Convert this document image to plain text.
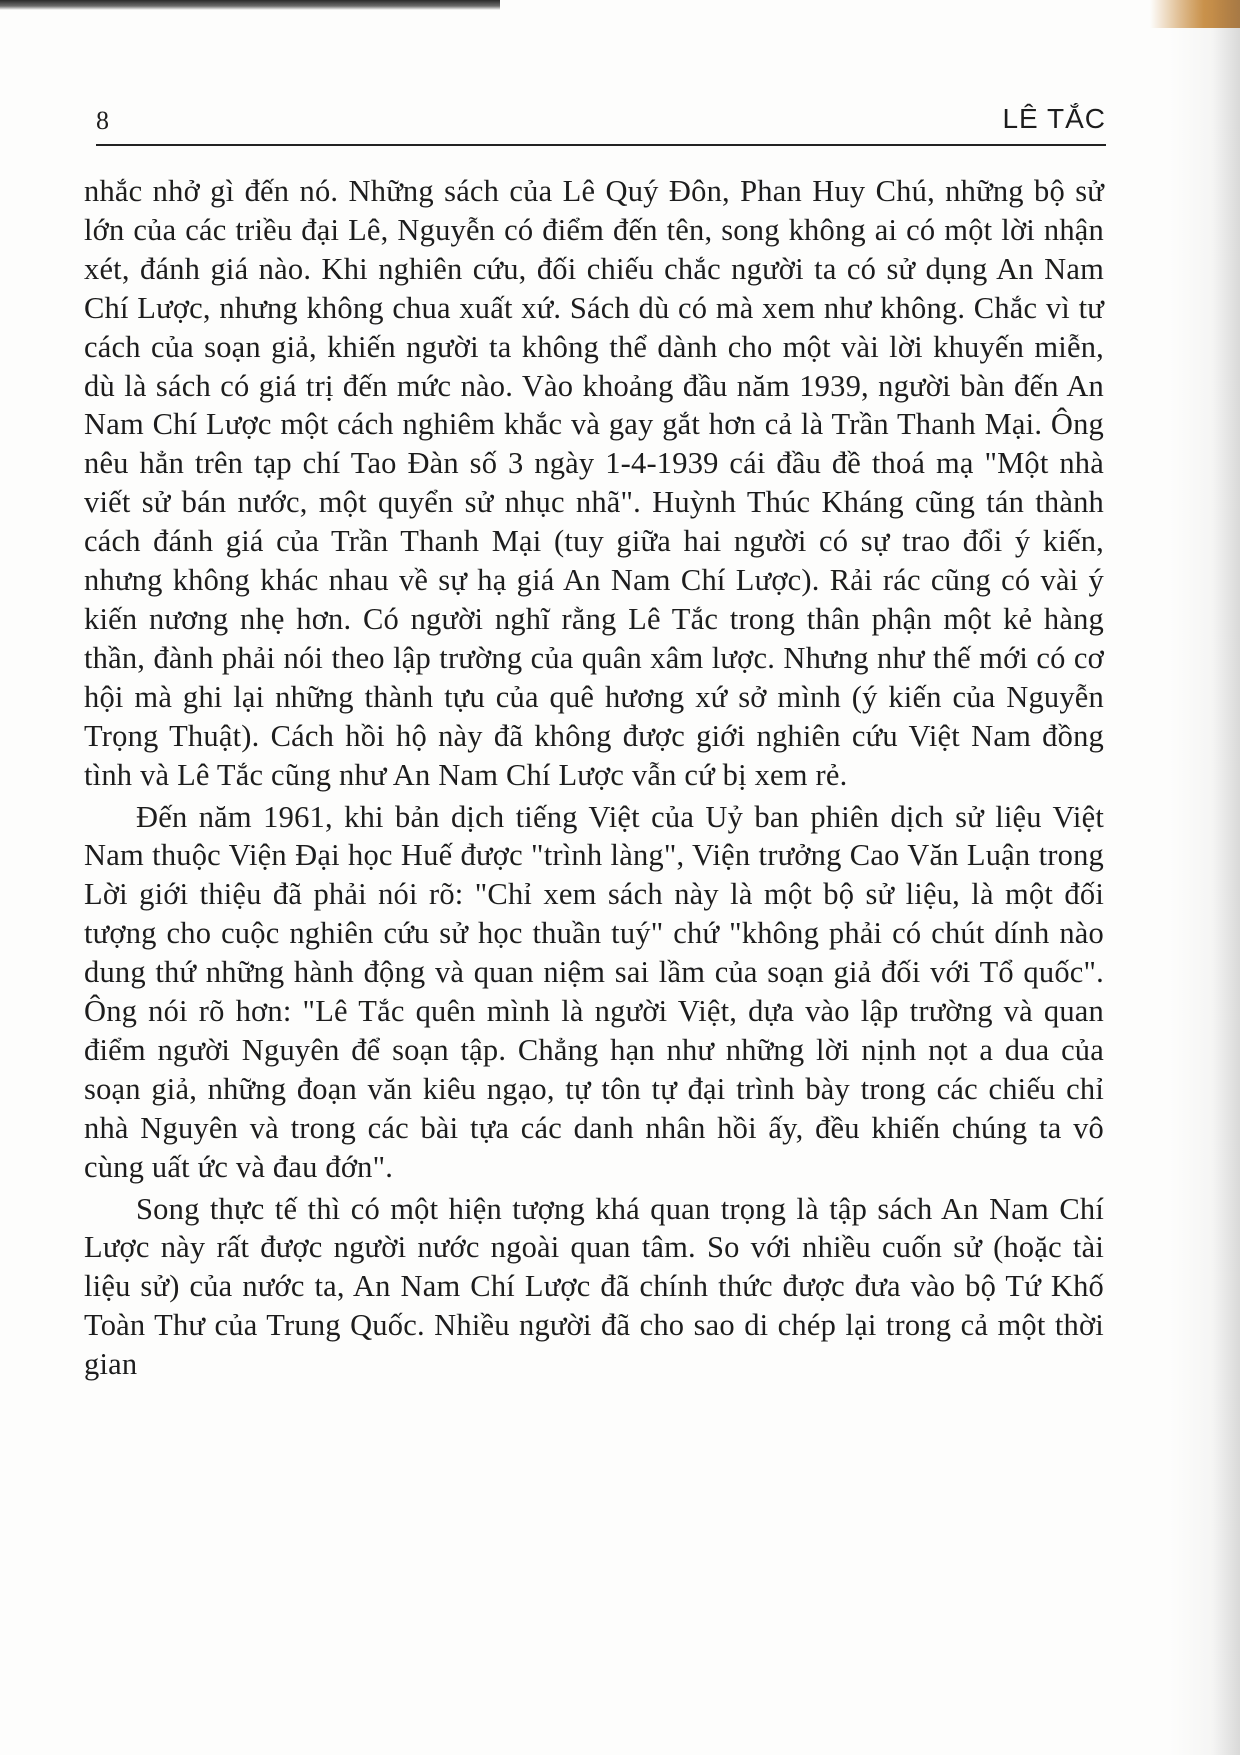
8	LÊ TẮC

nhắc nhở gì đến nó. Những sách của Lê Quý Đôn, Phan Huy Chú, những bộ sử lớn của các triều đại Lê, Nguyễn có điểm đến tên, song không ai có một lời nhận xét, đánh giá nào. Khi nghiên cứu, đối chiếu chắc người ta có sử dụng An Nam Chí Lược, nhưng không chua xuất xứ. Sách dù có mà xem như không. Chắc vì tư cách của soạn giả, khiến người ta không thể dành cho một vài lời khuyến miễn, dù là sách có giá trị đến mức nào. Vào khoảng đầu năm 1939, người bàn đến An Nam Chí Lược một cách nghiêm khắc và gay gắt hơn cả là Trần Thanh Mại. Ông nêu hẳn trên tạp chí Tao Đàn số 3 ngày 1-4-1939 cái đầu đề thoá mạ "Một nhà viết sử bán nước, một quyển sử nhục nhã". Huỳnh Thúc Kháng cũng tán thành cách đánh giá của Trần Thanh Mại (tuy giữa hai người có sự trao đổi ý kiến, nhưng không khác nhau về sự hạ giá An Nam Chí Lược). Rải rác cũng có vài ý kiến nương nhẹ hơn. Có người nghĩ rằng Lê Tắc trong thân phận một kẻ hàng thần, đành phải nói theo lập trường của quân xâm lược. Nhưng như thế mới có cơ hội mà ghi lại những thành tựu của quê hương xứ sở mình (ý kiến của Nguyễn Trọng Thuật). Cách hồi hộ này đã không được giới nghiên cứu Việt Nam đồng tình và Lê Tắc cũng như An Nam Chí Lược vẫn cứ bị xem rẻ.

Đến năm 1961, khi bản dịch tiếng Việt của Uỷ ban phiên dịch sử liệu Việt Nam thuộc Viện Đại học Huế được "trình làng", Viện trưởng Cao Văn Luận trong Lời giới thiệu đã phải nói rõ: "Chỉ xem sách này là một bộ sử liệu, là một đối tượng cho cuộc nghiên cứu sử học thuần tuý" chứ "không phải có chút dính nào dung thứ những hành động và quan niệm sai lầm của soạn giả đối với Tổ quốc". Ông nói rõ hơn: "Lê Tắc quên mình là người Việt, dựa vào lập trường và quan điểm người Nguyên để soạn tập. Chẳng hạn như những lời nịnh nọt a dua của soạn giả, những đoạn văn kiêu ngạo, tự tôn tự đại trình bày trong các chiếu chỉ nhà Nguyên và trong các bài tựa các danh nhân hồi ấy, đều khiến chúng ta vô cùng uất ức và đau đớn".

Song thực tế thì có một hiện tượng khá quan trọng là tập sách An Nam Chí Lược này rất được người nước ngoài quan tâm. So với nhiều cuốn sử (hoặc tài liệu sử) của nước ta, An Nam Chí Lược đã chính thức được đưa vào bộ Tứ Khố Toàn Thư của Trung Quốc. Nhiều người đã cho sao di chép lại trong cả một thời gian
